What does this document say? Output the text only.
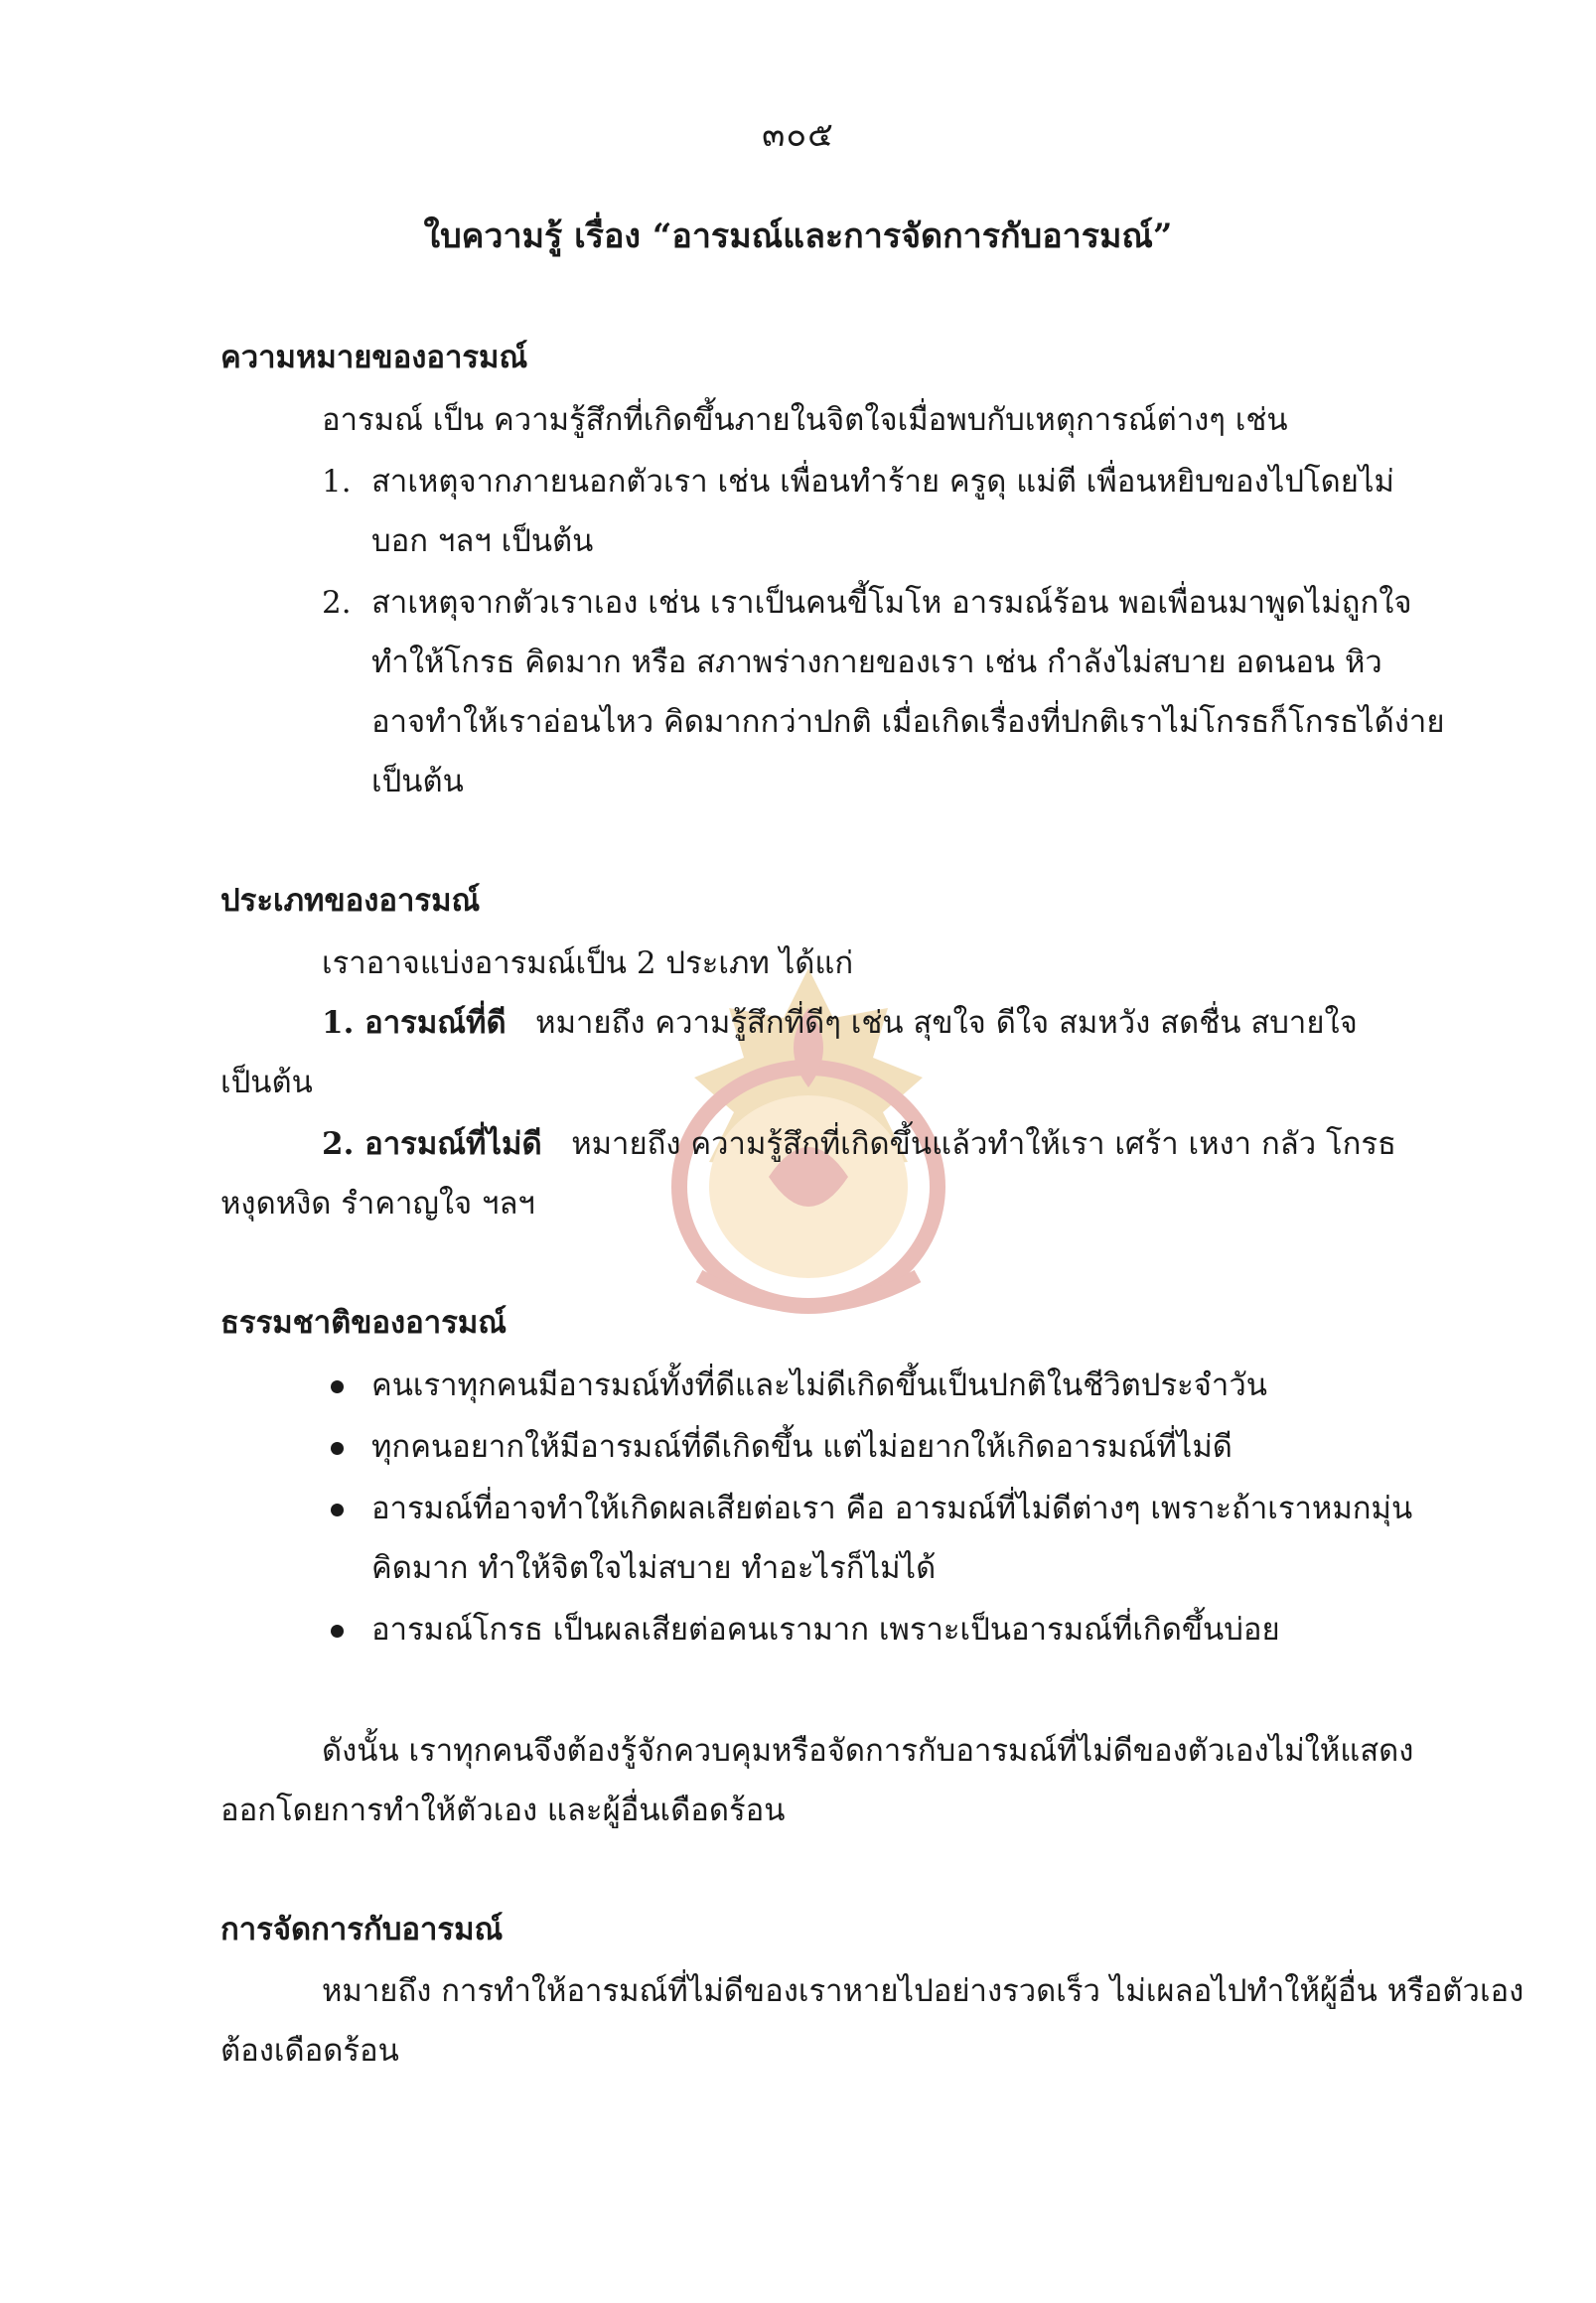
๓๐๕
ใบความรู้ เรื่อง “อารมณ์และการจัดการกับอารมณ์”
ความหมายของอารมณ์
อารมณ์ เป็น ความรู้สึกที่เกิดขึ้นภายในจิตใจเมื่อพบกับเหตุการณ์ต่างๆ เช่น
1. สาเหตุจากภายนอกตัวเรา เช่น เพื่อนทำร้าย ครูดุ แม่ตี เพื่อนหยิบของไปโดยไม่
บอก ฯลฯ เป็นต้น
2. สาเหตุจากตัวเราเอง เช่น เราเป็นคนขี้โมโห อารมณ์ร้อน พอเพื่อนมาพูดไม่ถูกใจ
ทำให้โกรธ คิดมาก หรือ สภาพร่างกายของเรา เช่น กำลังไม่สบาย อดนอน หิว
อาจทำให้เราอ่อนไหว คิดมากกว่าปกติ เมื่อเกิดเรื่องที่ปกติเราไม่โกรธก็โกรธได้ง่าย
เป็นต้น
ประเภทของอารมณ์
เราอาจแบ่งอารมณ์เป็น 2 ประเภท ได้แก่
1. อารมณ์ที่ดี หมายถึง ความรู้สึกที่ดีๆ เช่น สุขใจ ดีใจ สมหวัง สดชื่น สบายใจ
เป็นต้น
2. อารมณ์ที่ไม่ดี หมายถึง ความรู้สึกที่เกิดขึ้นแล้วทำให้เรา เศร้า เหงา กลัว โกรธ
หงุดหงิด รำคาญใจ ฯลฯ
ธรรมชาติของอารมณ์
คนเราทุกคนมีอารมณ์ทั้งที่ดีและไม่ดีเกิดขึ้นเป็นปกติในชีวิตประจำวัน
ทุกคนอยากให้มีอารมณ์ที่ดีเกิดขึ้น แต่ไม่อยากให้เกิดอารมณ์ที่ไม่ดี
อารมณ์ที่อาจทำให้เกิดผลเสียต่อเรา คือ อารมณ์ที่ไม่ดีต่างๆ เพราะถ้าเราหมกมุ่น
คิดมาก ทำให้จิตใจไม่สบาย ทำอะไรก็ไม่ได้
อารมณ์โกรธ เป็นผลเสียต่อคนเรามาก เพราะเป็นอารมณ์ที่เกิดขึ้นบ่อย
ดังนั้น เราทุกคนจึงต้องรู้จักควบคุมหรือจัดการกับอารมณ์ที่ไม่ดีของตัวเองไม่ให้แสดง
ออกโดยการทำให้ตัวเอง และผู้อื่นเดือดร้อน
การจัดการกับอารมณ์
หมายถึง การทำให้อารมณ์ที่ไม่ดีของเราหายไปอย่างรวดเร็ว ไม่เผลอไปทำให้ผู้อื่น หรือตัวเอง
ต้องเดือดร้อน
